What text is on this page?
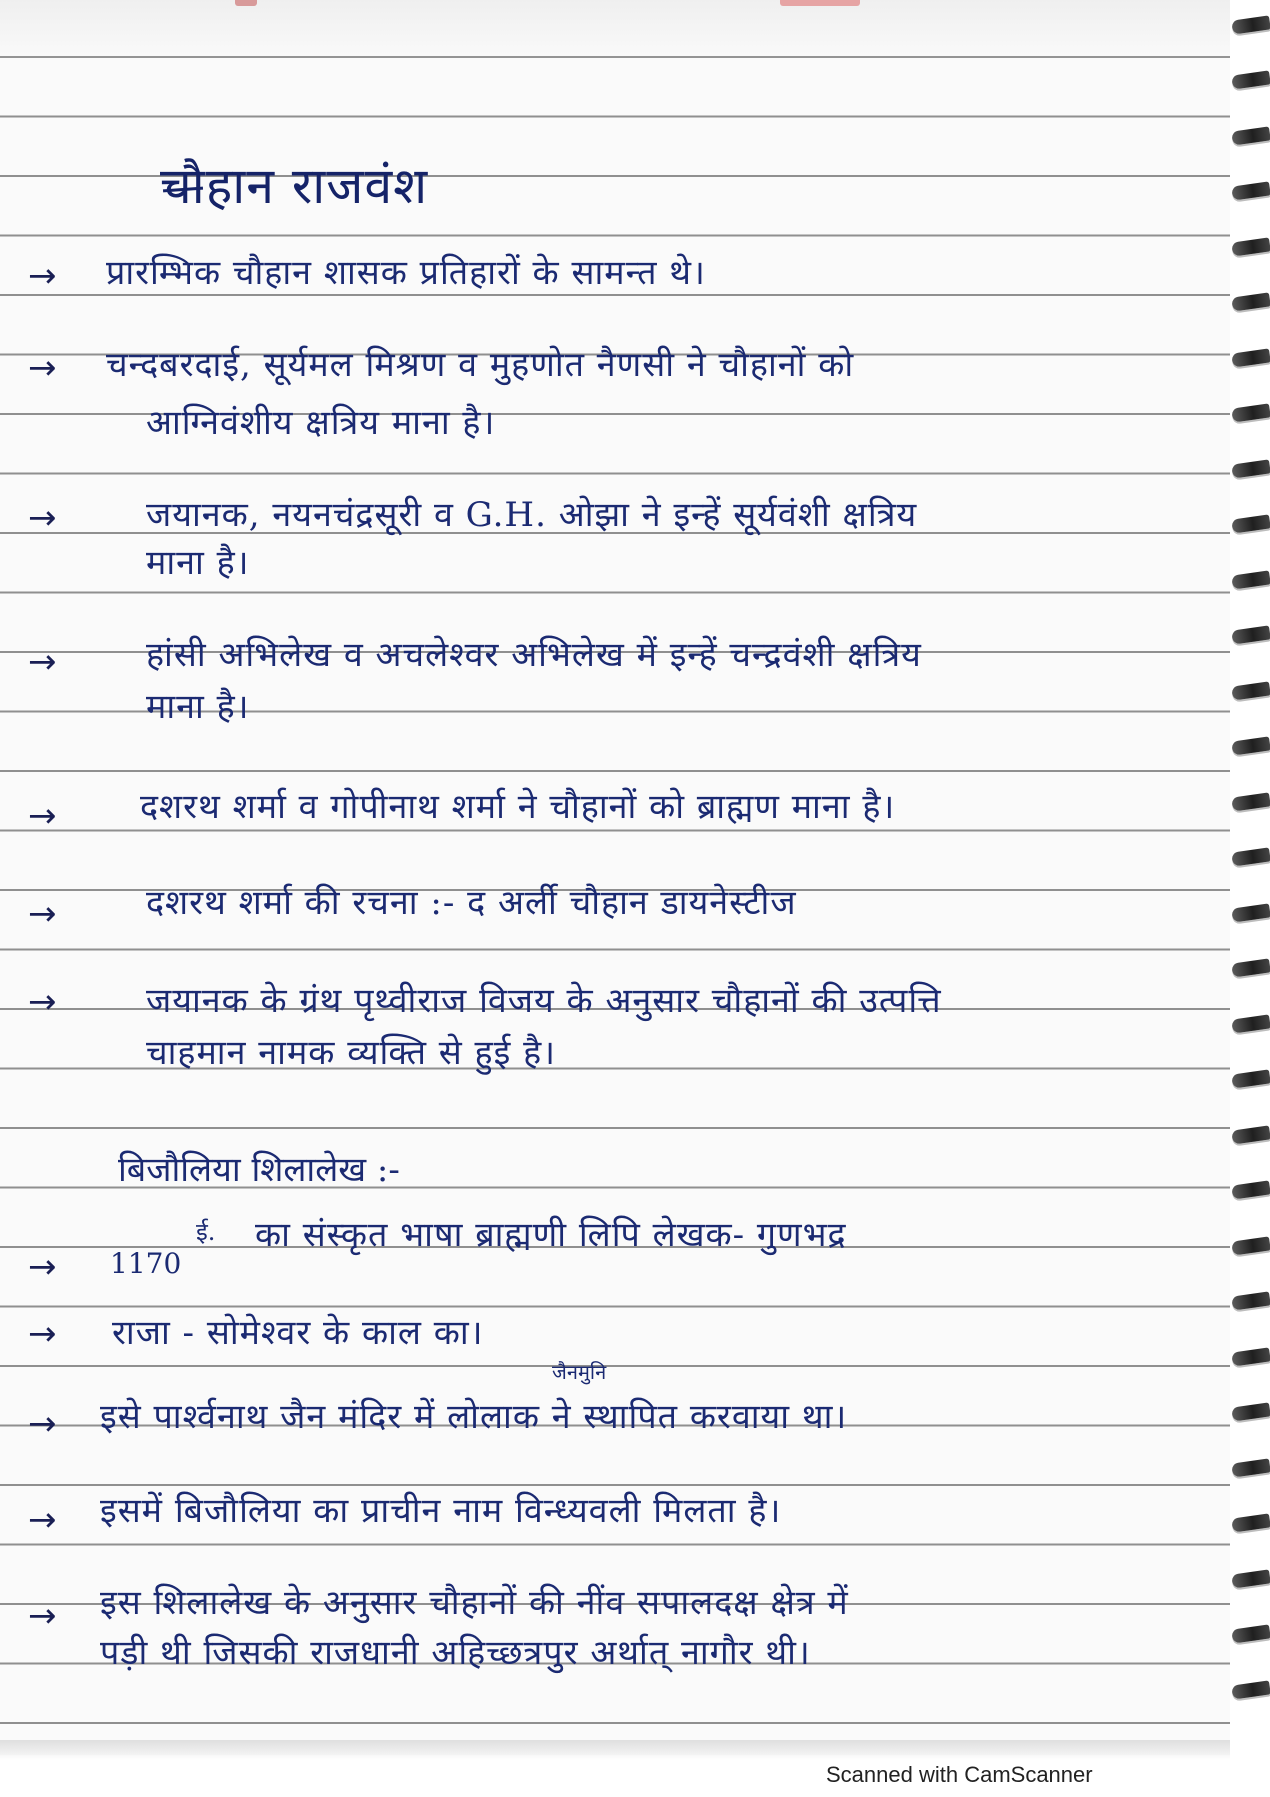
चौहान राजवंश
→ प्रारम्भिक चौहान शासक प्रतिहारों के सामन्त थे।
→ चन्दबरदाई, सूर्यमल मिश्रण व मुहणोत नैणसी ने चौहानों को
आग्निवंशीय क्षत्रिय माना है।
→	जयानक, नयनचंद्रसूरी व G.H. ओझा ने इन्हें सूर्यवंशी क्षत्रिय
माना है।
→	हांसी अभिलेख व अचलेश्वर अभिलेख में इन्हें चन्द्रवंशी क्षत्रिय
माना है।
→ दशरथ शर्मा व गोपीनाथ शर्मा ने चौहानों को ब्राह्मण माना है।
→	दशरथ शर्मा की रचना :- द अर्ली चौहान डायनेस्टीज
→	जयानक के ग्रंथ पृथ्वीराज विजय के अनुसार चौहानों की उत्पत्ति
चाहमान नामक व्यक्ति से हुई है।
बिजौलिया शिलालेख :-
→ 1170
ई. का संस्कृत भाषा ब्राह्मणी लिपि लेखक- गुणभद्र
→ राजा - सोमेश्वर के काल का।
जैनमुनि
→ इसे पार्श्वनाथ जैन मंदिर में लोलाक ने स्थापित करवाया था।
→ इसमें बिजौलिया का प्राचीन नाम विन्ध्यवली मिलता है।
→ इस शिलालेख के अनुसार चौहानों की नींव सपालदक्ष क्षेत्र में
पड़ी थी जिसकी राजधानी अहिच्छत्रपुर अर्थात् नागौर थी।
Scanned with CamScanner
